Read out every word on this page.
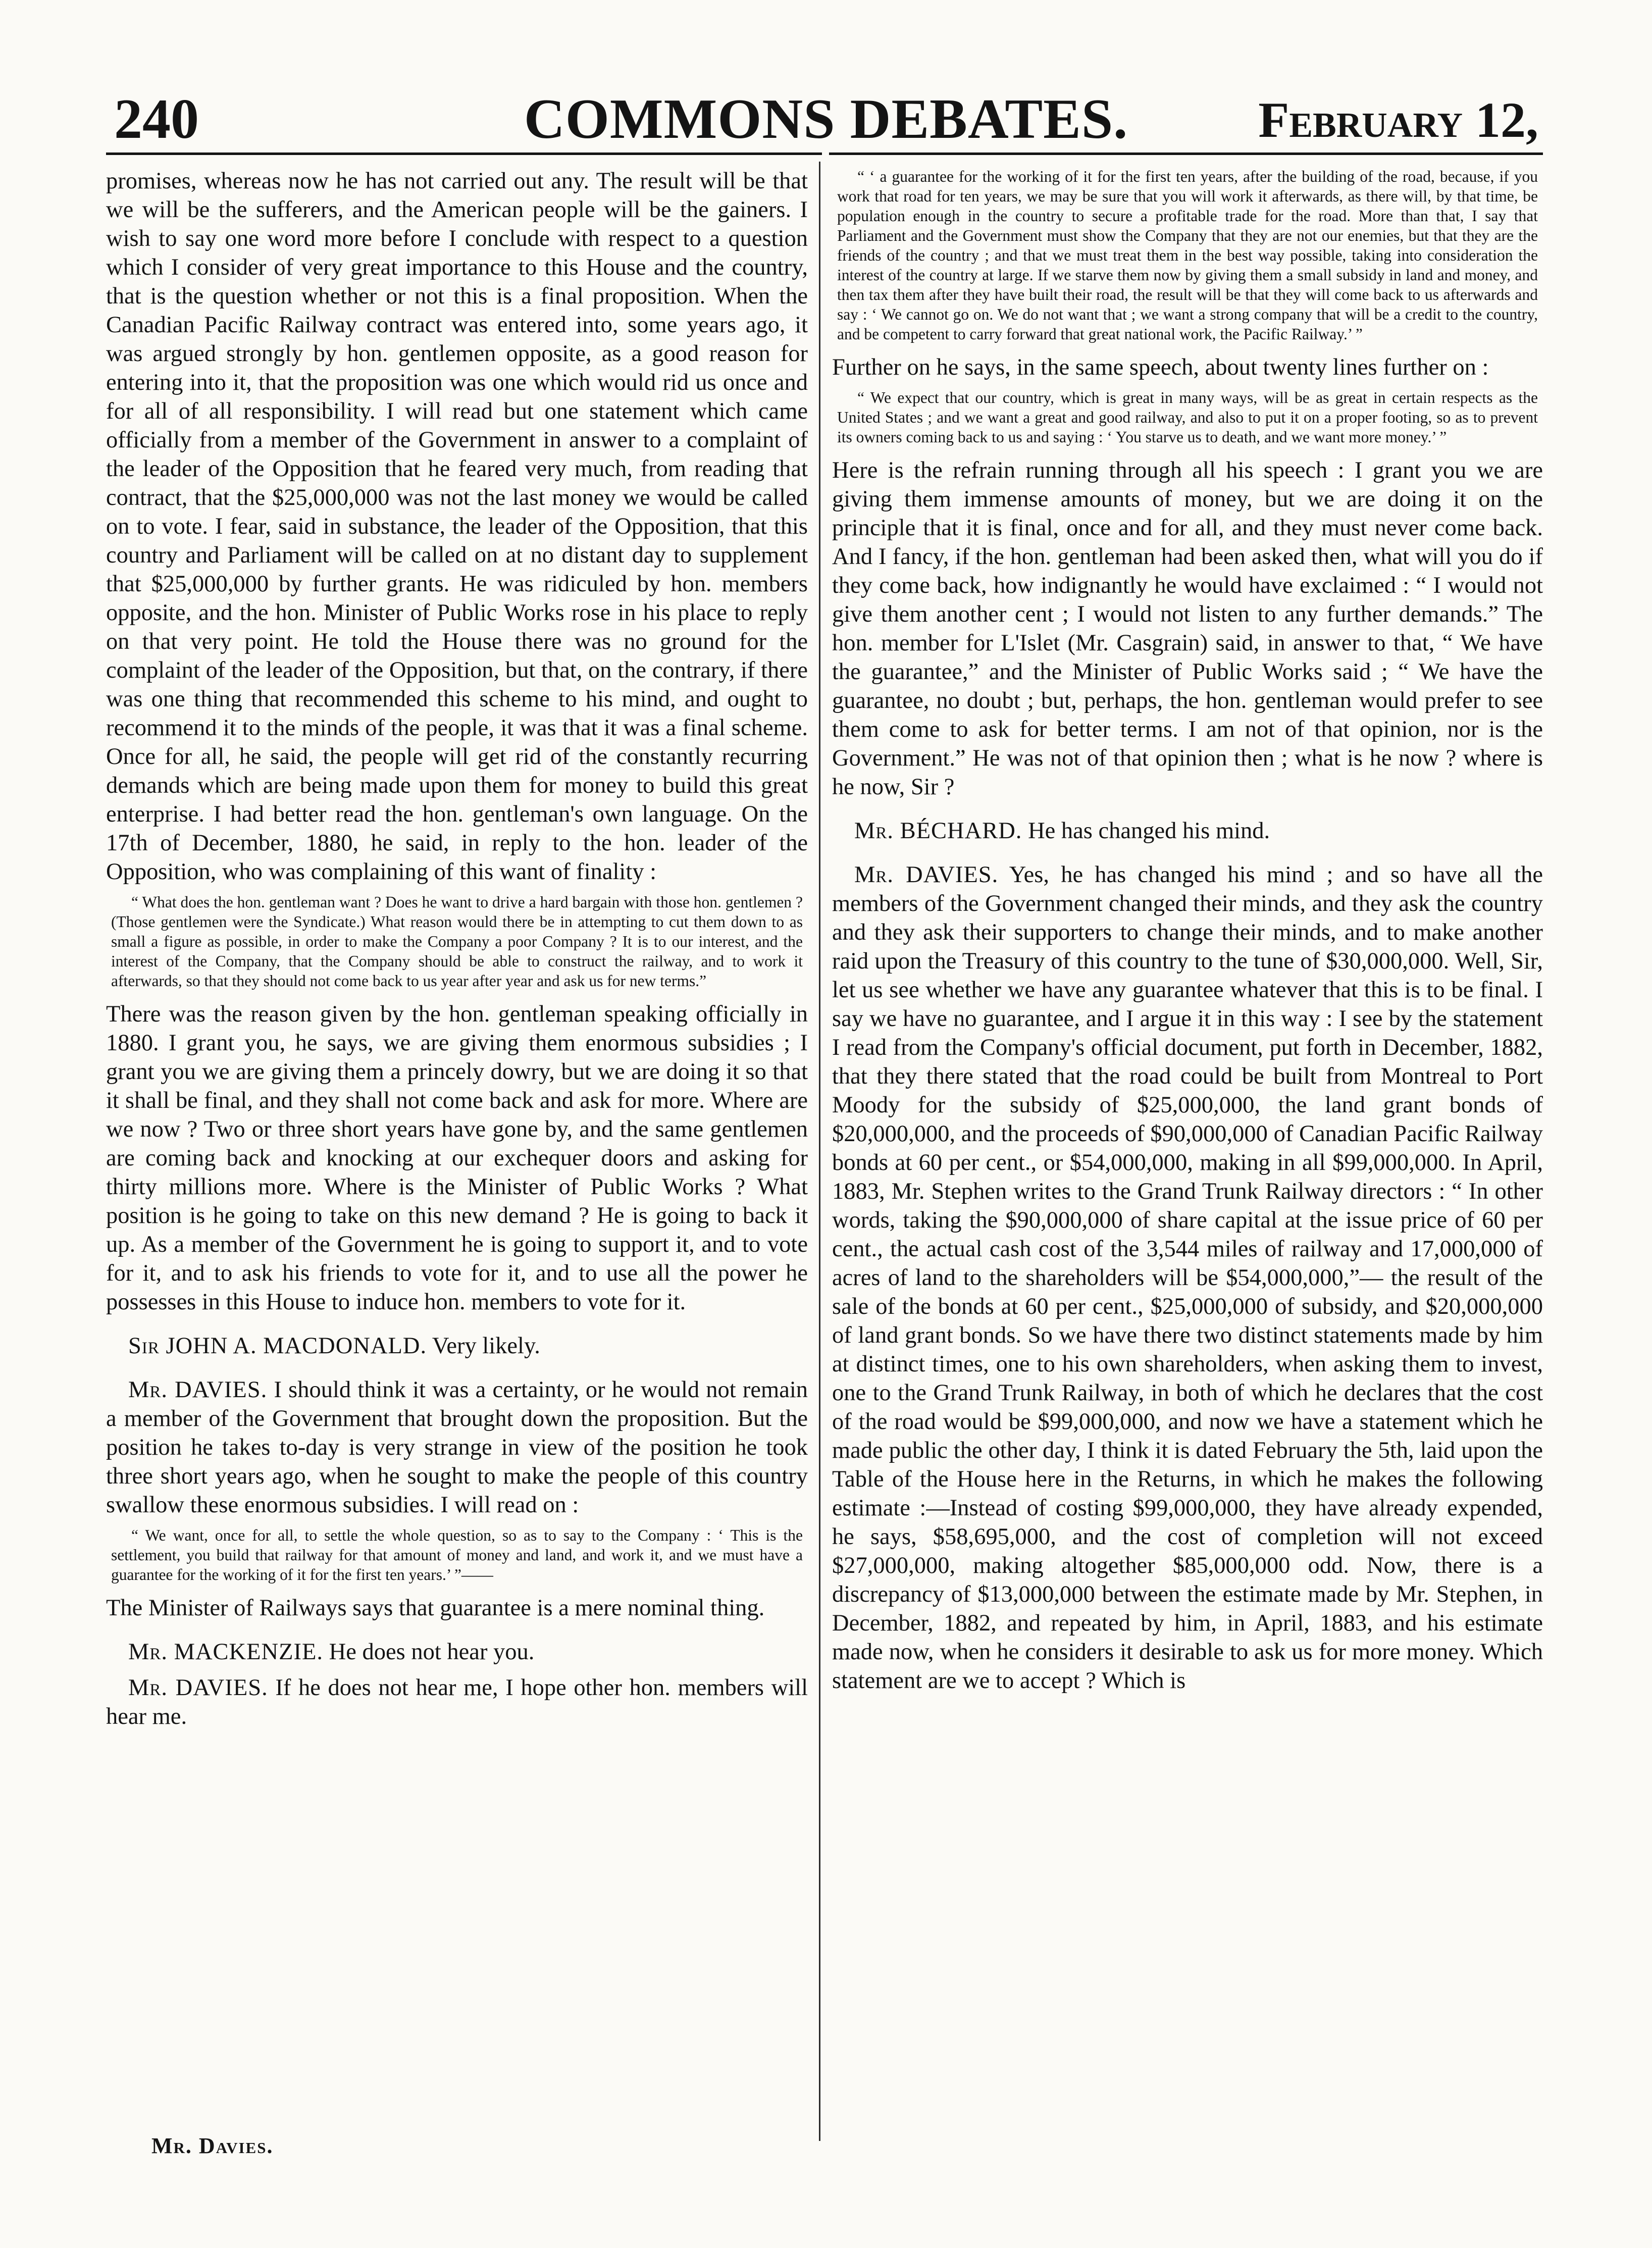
240	COMMONS DEBATES.	February 12,

promises, whereas now he has not carried out any. The result will be that we will be the sufferers, and the American people will be the gainers. I wish to say one word more before I conclude with respect to a question which I consider of very great importance to this House and the country, that is the question whether or not this is a final proposition. When the Canadian Pacific Railway contract was entered into, some years ago, it was argued strongly by hon. gentlemen opposite, as a good reason for entering into it, that the proposition was one which would rid us once and for all of all responsibility. I will read but one statement which came officially from a member of the Government in answer to a complaint of the leader of the Opposition that he feared very much, from reading that contract, that the $25,000,000 was not the last money we would be called on to vote. I fear, said in substance, the leader of the Opposition, that this country and Parliament will be called on at no distant day to supplement that $25,000,000 by further grants. He was ridiculed by hon. members opposite, and the hon. Minister of Public Works rose in his place to reply on that very point. He told the House there was no ground for the complaint of the leader of the Opposition, but that, on the contrary, if there was one thing that recommended this scheme to his mind, and ought to recommend it to the minds of the people, it was that it was a final scheme. Once for all, he said, the people will get rid of the constantly recurring demands which are being made upon them for money to build this great enterprise. I had better read the hon. gentleman's own language. On the 17th of December, 1880, he said, in reply to the hon. leader of the Opposition, who was complaining of this want of finality :

“ What does the hon. gentleman want ? Does he want to drive a hard bargain with those hon. gentlemen ? (Those gentlemen were the Syndicate.) What reason would there be in attempting to cut them down to as small a figure as possible, in order to make the Company a poor Company ? It is to our interest, and the interest of the Company, that the Company should be able to construct the railway, and to work it afterwards, so that they should not come back to us year after year and ask us for new terms.”

There was the reason given by the hon. gentleman speaking officially in 1880. I grant you, he says, we are giving them enormous subsidies ; I grant you we are giving them a princely dowry, but we are doing it so that it shall be final, and they shall not come back and ask for more. Where are we now ? Two or three short years have gone by, and the same gentlemen are coming back and knocking at our exchequer doors and asking for thirty millions more. Where is the Minister of Public Works ? What position is he going to take on this new demand ? He is going to back it up. As a member of the Government he is going to support it, and to vote for it, and to ask his friends to vote for it, and to use all the power he possesses in this House to induce hon. members to vote for it.

Sir JOHN A. MACDONALD. Very likely.

Mr. DAVIES. I should think it was a certainty, or he would not remain a member of the Government that brought down the proposition. But the position he takes to-day is very strange in view of the position he took three short years ago, when he sought to make the people of this country swallow these enormous subsidies. I will read on :

“ We want, once for all, to settle the whole question, so as to say to the Company : ‘ This is the settlement, you build that railway for that amount of money and land, and work it, and we must have a guarantee for the working of it for the first ten years.’ ”——

The Minister of Railways says that guarantee is a mere nominal thing.

Mr. MACKENZIE. He does not hear you.

Mr. DAVIES. If he does not hear me, I hope other hon. members will hear me.

Mr. Davies.

“ ‘ a guarantee for the working of it for the first ten years, after the building of the road, because, if you work that road for ten years, we may be sure that you will work it afterwards, as there will, by that time, be population enough in the country to secure a profitable trade for the road. More than that, I say that Parliament and the Government must show the Company that they are not our enemies, but that they are the friends of the country ; and that we must treat them in the best way possible, taking into consideration the interest of the country at large. If we starve them now by giving them a small subsidy in land and money, and then tax them after they have built their road, the result will be that they will come back to us afterwards and say : ‘ We cannot go on. We do not want that ; we want a strong company that will be a credit to the country, and be competent to carry forward that great national work, the Pacific Railway.’ ”

Further on he says, in the same speech, about twenty lines further on :

“ We expect that our country, which is great in many ways, will be as great in certain respects as the United States ; and we want a great and good railway, and also to put it on a proper footing, so as to prevent its owners coming back to us and saying : ‘ You starve us to death, and we want more money.’ ”

Here is the refrain running through all his speech : I grant you we are giving them immense amounts of money, but we are doing it on the principle that it is final, once and for all, and they must never come back. And I fancy, if the hon. gentleman had been asked then, what will you do if they come back, how indignantly he would have exclaimed : “ I would not give them another cent ; I would not listen to any further demands.” The hon. member for L'Islet (Mr. Casgrain) said, in answer to that, “ We have the guarantee,” and the Minister of Public Works said ; “ We have the guarantee, no doubt ; but, perhaps, the hon. gentleman would prefer to see them come to ask for better terms. I am not of that opinion, nor is the Government.” He was not of that opinion then ; what is he now ? where is he now, Sir ?

Mr. BÉCHARD. He has changed his mind.

Mr. DAVIES. Yes, he has changed his mind ; and so have all the members of the Government changed their minds, and they ask the country and they ask their supporters to change their minds, and to make another raid upon the Treasury of this country to the tune of $30,000,000. Well, Sir, let us see whether we have any guarantee whatever that this is to be final. I say we have no guarantee, and I argue it in this way : I see by the statement I read from the Company's official document, put forth in December, 1882, that they there stated that the road could be built from Montreal to Port Moody for the subsidy of $25,000,000, the land grant bonds of $20,000,000, and the proceeds of $90,000,000 of Canadian Pacific Railway bonds at 60 per cent., or $54,000,000, making in all $99,000,000. In April, 1883, Mr. Stephen writes to the Grand Trunk Railway directors : “ In other words, taking the $90,000,000 of share capital at the issue price of 60 per cent., the actual cash cost of the 3,544 miles of railway and 17,000,000 of acres of land to the shareholders will be $54,000,000,”— the result of the sale of the bonds at 60 per cent., $25,000,000 of subsidy, and $20,000,000 of land grant bonds. So we have there two distinct statements made by him at distinct times, one to his own shareholders, when asking them to invest, one to the Grand Trunk Railway, in both of which he declares that the cost of the road would be $99,000,000, and now we have a statement which he made public the other day, I think it is dated February the 5th, laid upon the Table of the House here in the Returns, in which he makes the following estimate :—Instead of costing $99,000,000, they have already expended, he says, $58,695,000, and the cost of completion will not exceed $27,000,000, making altogether $85,000,000 odd. Now, there is a discrepancy of $13,000,000 between the estimate made by Mr. Stephen, in December, 1882, and repeated by him, in April, 1883, and his estimate made now, when he considers it desirable to ask us for more money. Which statement are we to accept ? Which is
